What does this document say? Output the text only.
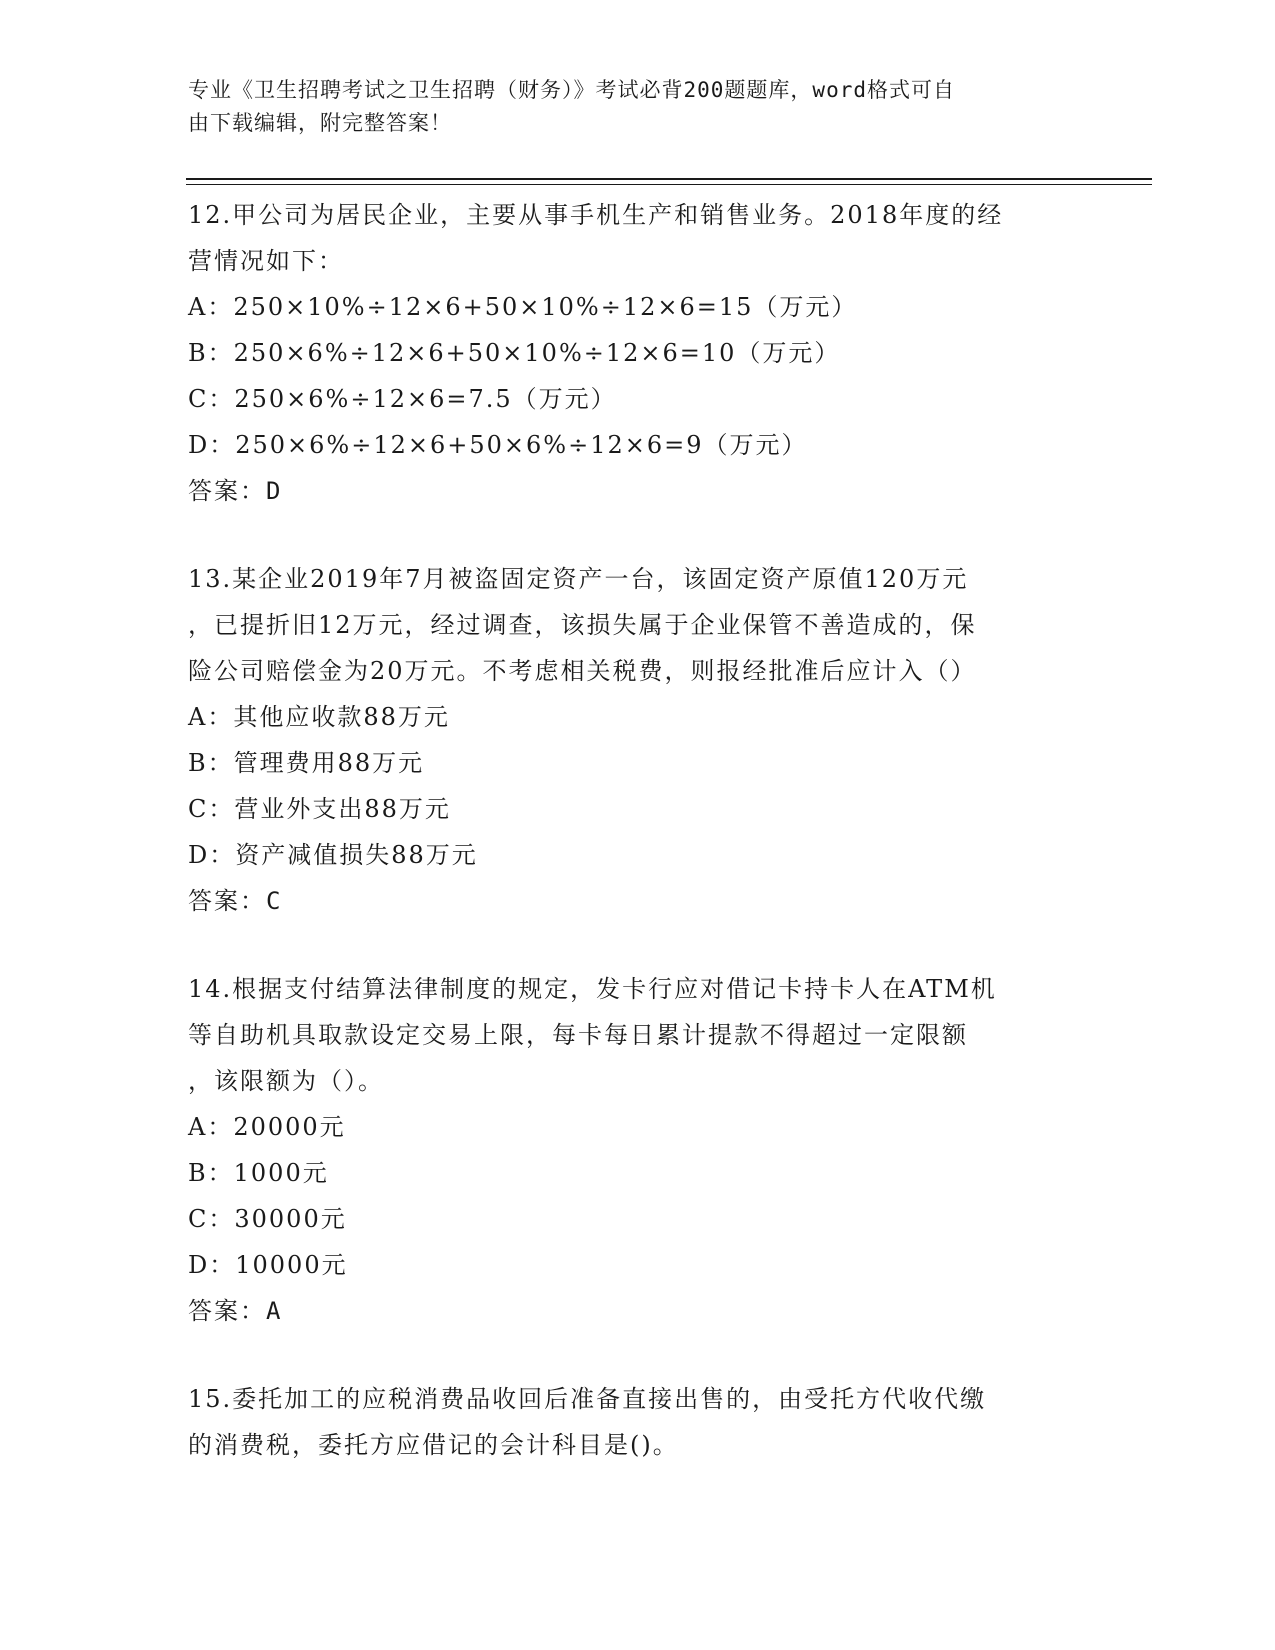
专业《卫生招聘考试之卫生招聘（财务）》考试必背200题题库，word格式可自
由下载编辑，附完整答案！

12.甲公司为居民企业，主要从事手机生产和销售业务。2018年度的经

营情况如下：

A：250×10%÷12×6+50×10%÷12×6=15（万元）

B：250×6%÷12×6+50×10%÷12×6=10（万元）

C：250×6%÷12×6=7.5（万元）

D：250×6%÷12×6+50×6%÷12×6=9（万元）

答案：D

13.某企业2019年7月被盗固定资产一台，该固定资产原值120万元

，已提折旧12万元，经过调查，该损失属于企业保管不善造成的，保

险公司赔偿金为20万元。不考虑相关税费，则报经批准后应计入（）

A：其他应收款88万元

B：管理费用88万元

C：营业外支出88万元

D：资产减值损失88万元

答案：C

14.根据支付结算法律制度的规定，发卡行应对借记卡持卡人在ATM机

等自助机具取款设定交易上限，每卡每日累计提款不得超过一定限额

，该限额为（）。

A：20000元

B：1000元

C：30000元

D：10000元

答案：A

15.委托加工的应税消费品收回后准备直接出售的，由受托方代收代缴

的消费税，委托方应借记的会计科目是()。
